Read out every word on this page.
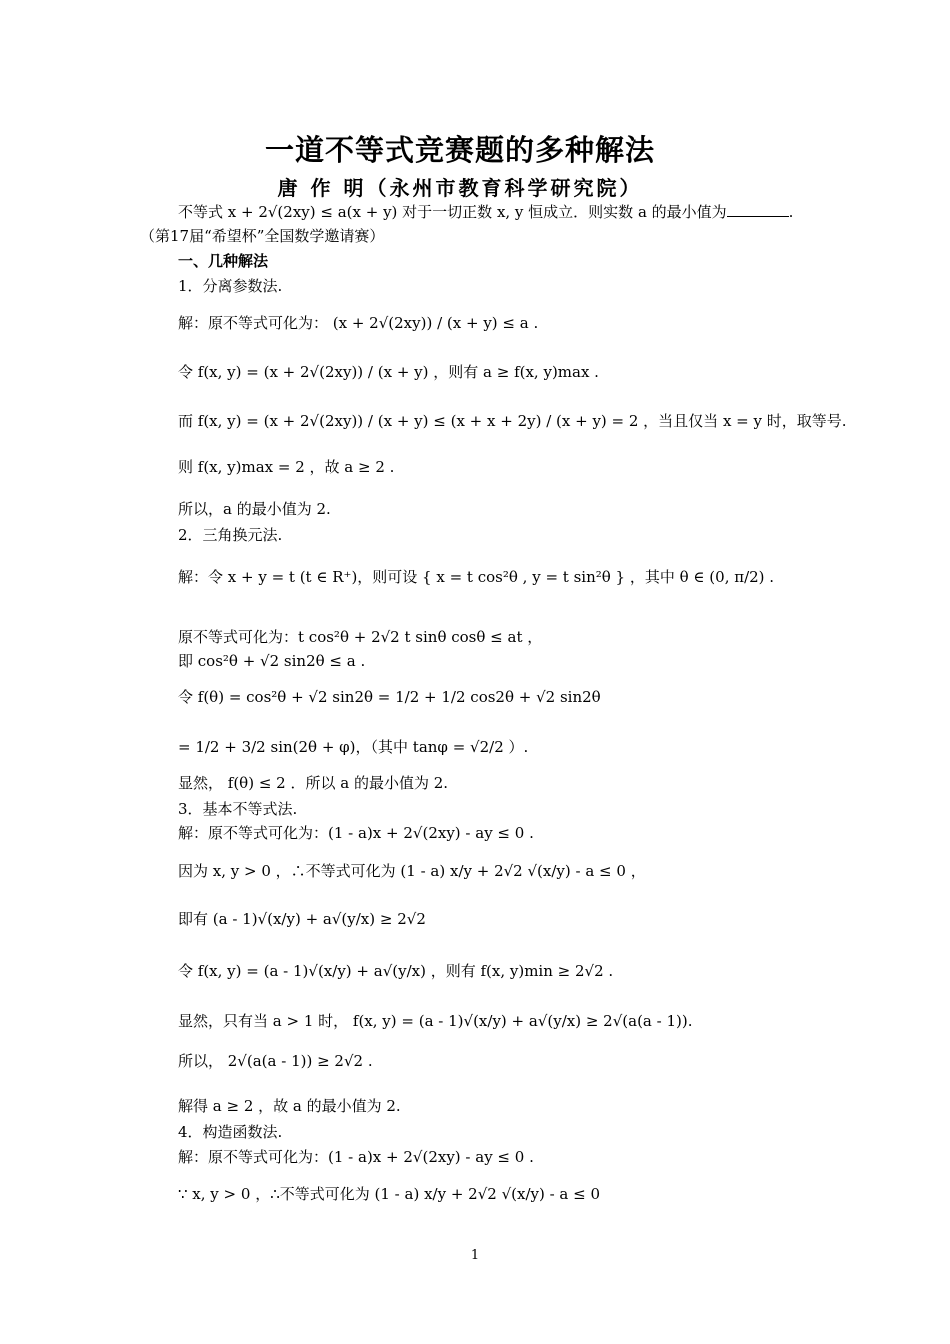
一道不等式竞赛题的多种解法
唐 作 明（永州市教育科学研究院）
不等式 x + 2√(2xy) ≤ a(x + y) 对于一切正数 x, y 恒成立．则实数 a 的最小值为	.
（第17届“希望杯”全国数学邀请赛）
一、几种解法
1．分离参数法.
解：原不等式可化为： (x + 2√(2xy)) / (x + y) ≤ a .
令 f(x, y) = (x + 2√(2xy)) / (x + y) ，则有 a ≥ f(x, y)max .
而 f(x, y) = (x + 2√(2xy)) / (x + y) ≤ (x + x + 2y) / (x + y) = 2 ，当且仅当 x = y 时，取等号.
则 f(x, y)max = 2 ，故 a ≥ 2 .
所以，a 的最小值为 2.
2．三角换元法.
解：令 x + y = t (t ∈ R⁺)，则可设 { x = t cos²θ , y = t sin²θ } ，其中 θ ∈ (0, π/2) .
原不等式可化为：t cos²θ + 2√2 t sinθ cosθ ≤ at ，
即 cos²θ + √2 sin2θ ≤ a .
令 f(θ) = cos²θ + √2 sin2θ = 1/2 + 1/2 cos2θ + √2 sin2θ
= 1/2 + 3/2 sin(2θ + φ)，（其中 tanφ = √2/2 ）.
显然， f(θ) ≤ 2 ．所以 a 的最小值为 2.
3．基本不等式法.
解：原不等式可化为：(1 - a)x + 2√(2xy) - ay ≤ 0 .
因为 x, y > 0 ，∴不等式可化为 (1 - a) x/y + 2√2 √(x/y) - a ≤ 0 ，
即有 (a - 1)√(x/y) + a√(y/x) ≥ 2√2
令 f(x, y) = (a - 1)√(x/y) + a√(y/x) ，则有 f(x, y)min ≥ 2√2 .
显然，只有当 a > 1 时， f(x, y) = (a - 1)√(x/y) + a√(y/x) ≥ 2√(a(a - 1)).
所以， 2√(a(a - 1)) ≥ 2√2 .
解得 a ≥ 2 ，故 a 的最小值为 2.
4．构造函数法.
解：原不等式可化为：(1 - a)x + 2√(2xy) - ay ≤ 0 .
∵ x, y > 0 ，∴不等式可化为 (1 - a) x/y + 2√2 √(x/y) - a ≤ 0
1
